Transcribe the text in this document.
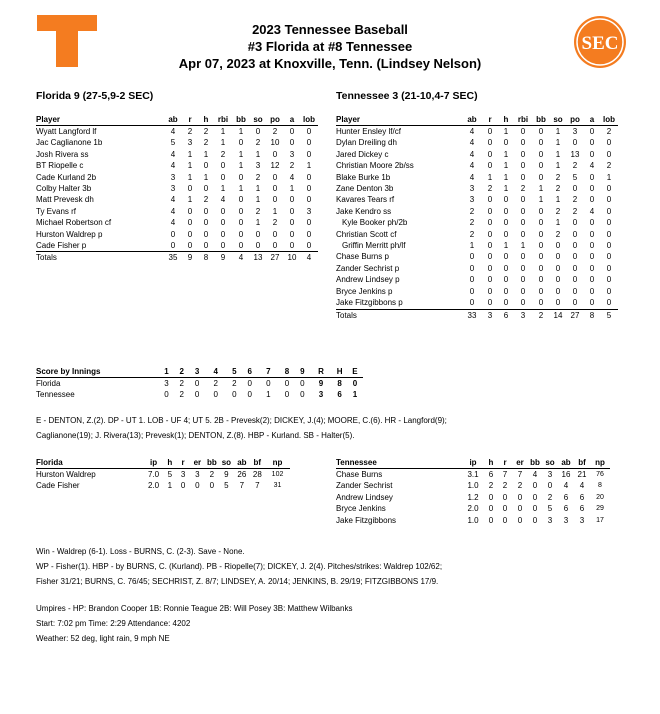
SEC
2023 Tennessee Baseball
#3 Florida at #8 Tennessee
Apr 07, 2023 at Knoxville, Tenn. (Lindsey Nelson)
Florida 9 (27-5,9-2 SEC)	Tennessee 3 (21-10,4-7 SEC)
Player	ab	r	h	rbi	bb	so	po	a	lob
Wyatt Langford lf	4	2	2	1	1	0	2	0	0
Jac Caglianone 1b	5	3	2	1	0	2	10	0	0
Josh Rivera ss	4	1	1	2	1	1	0	3	0
BT Riopelle c	4	1	0	0	1	3	12	2	1
Cade Kurland 2b	3	1	1	0	0	2	0	4	0
Colby Halter 3b	3	0	0	1	1	1	0	1	0
Matt Prevesk dh	4	1	2	4	0	1	0	0	0
Ty Evans rf	4	0	0	0	0	2	1	0	3
Michael Robertson cf	4	0	0	0	0	1	2	0	0
Hurston Waldrep p	0	0	0	0	0	0	0	0	0
Cade Fisher p	0	0	0	0	0	0	0	0	0
Totals	35	9	8	9	4	13	27	10	4
Player	ab	r	h	rbi	bb	so	po	a	lob
Hunter Ensley lf/cf	4	0	1	0	0	1	3	0	2
Dylan Dreiling dh	4	0	0	0	0	1	0	0	0
Jared Dickey c	4	0	1	0	0	1	13	0	0
Christian Moore 2b/ss	4	0	1	0	0	1	2	4	2
Blake Burke 1b	4	1	1	0	0	2	5	0	1
Zane Denton 3b	3	2	1	2	1	2	0	0	0
Kavares Tears rf	3	0	0	0	1	1	2	0	0
Jake Kendro ss	2	0	0	0	0	2	2	4	0
Kyle Booker ph/2b	2	0	0	0	0	1	0	0	0
Christian Scott cf	2	0	0	0	0	2	0	0	0
Griffin Merritt ph/lf	1	0	1	1	0	0	0	0	0
Chase Burns p	0	0	0	0	0	0	0	0	0
Zander Sechrist p	0	0	0	0	0	0	0	0	0
Andrew Lindsey p	0	0	0	0	0	0	0	0	0
Bryce Jenkins p	0	0	0	0	0	0	0	0	0
Jake Fitzgibbons p	0	0	0	0	0	0	0	0	0
Totals	33	3	6	3	2	14	27	8	5
Score by Innings	1	2	3	4	5	6	7	8	9	R	H	E
Florida	3	2	0	2	2	0	0	0	0	9	8	0
Tennessee	0	2	0	0	0	0	1	0	0	3	6	1
E - DENTON, Z.(2). DP - UT 1. LOB - UF 4; UT 5. 2B - Prevesk(2); DICKEY, J.(4); MOORE, C.(6). HR - Langford(9);
Caglianone(19); J. Rivera(13); Prevesk(1); DENTON, Z.(8). HBP - Kurland. SB - Halter(5).
Florida	ip	h	r	er	bb	so	ab	bf	np
Hurston Waldrep	7.0	5	3	3	2	9	26	28	102
Cade Fisher	2.0	1	0	0	0	5	7	7	31
Tennessee	ip	h	r	er	bb	so	ab	bf	np
Chase Burns	3.1	6	7	7	4	3	16	21	76
Zander Sechrist	1.0	2	2	2	0	0	4	4	8
Andrew Lindsey	1.2	0	0	0	0	2	6	6	20
Bryce Jenkins	2.0	0	0	0	0	5	6	6	29
Jake Fitzgibbons	1.0	0	0	0	0	3	3	3	17
Win - Waldrep (6-1). Loss - BURNS, C. (2-3). Save - None.
WP - Fisher(1). HBP - by BURNS, C. (Kurland). PB - Riopelle(7); DICKEY, J. 2(4). Pitches/strikes: Waldrep 102/62;
Fisher 31/21; BURNS, C. 76/45; SECHRIST, Z. 8/7; LINDSEY, A. 20/14; JENKINS, B. 29/19; FITZGIBBONS 17/9.
Umpires - HP: Brandon Cooper 1B: Ronnie Teague 2B: Will Posey 3B: Matthew Wilbanks
Start: 7:02 pm Time: 2:29 Attendance: 4202
Weather: 52 deg, light rain, 9 mph NE
